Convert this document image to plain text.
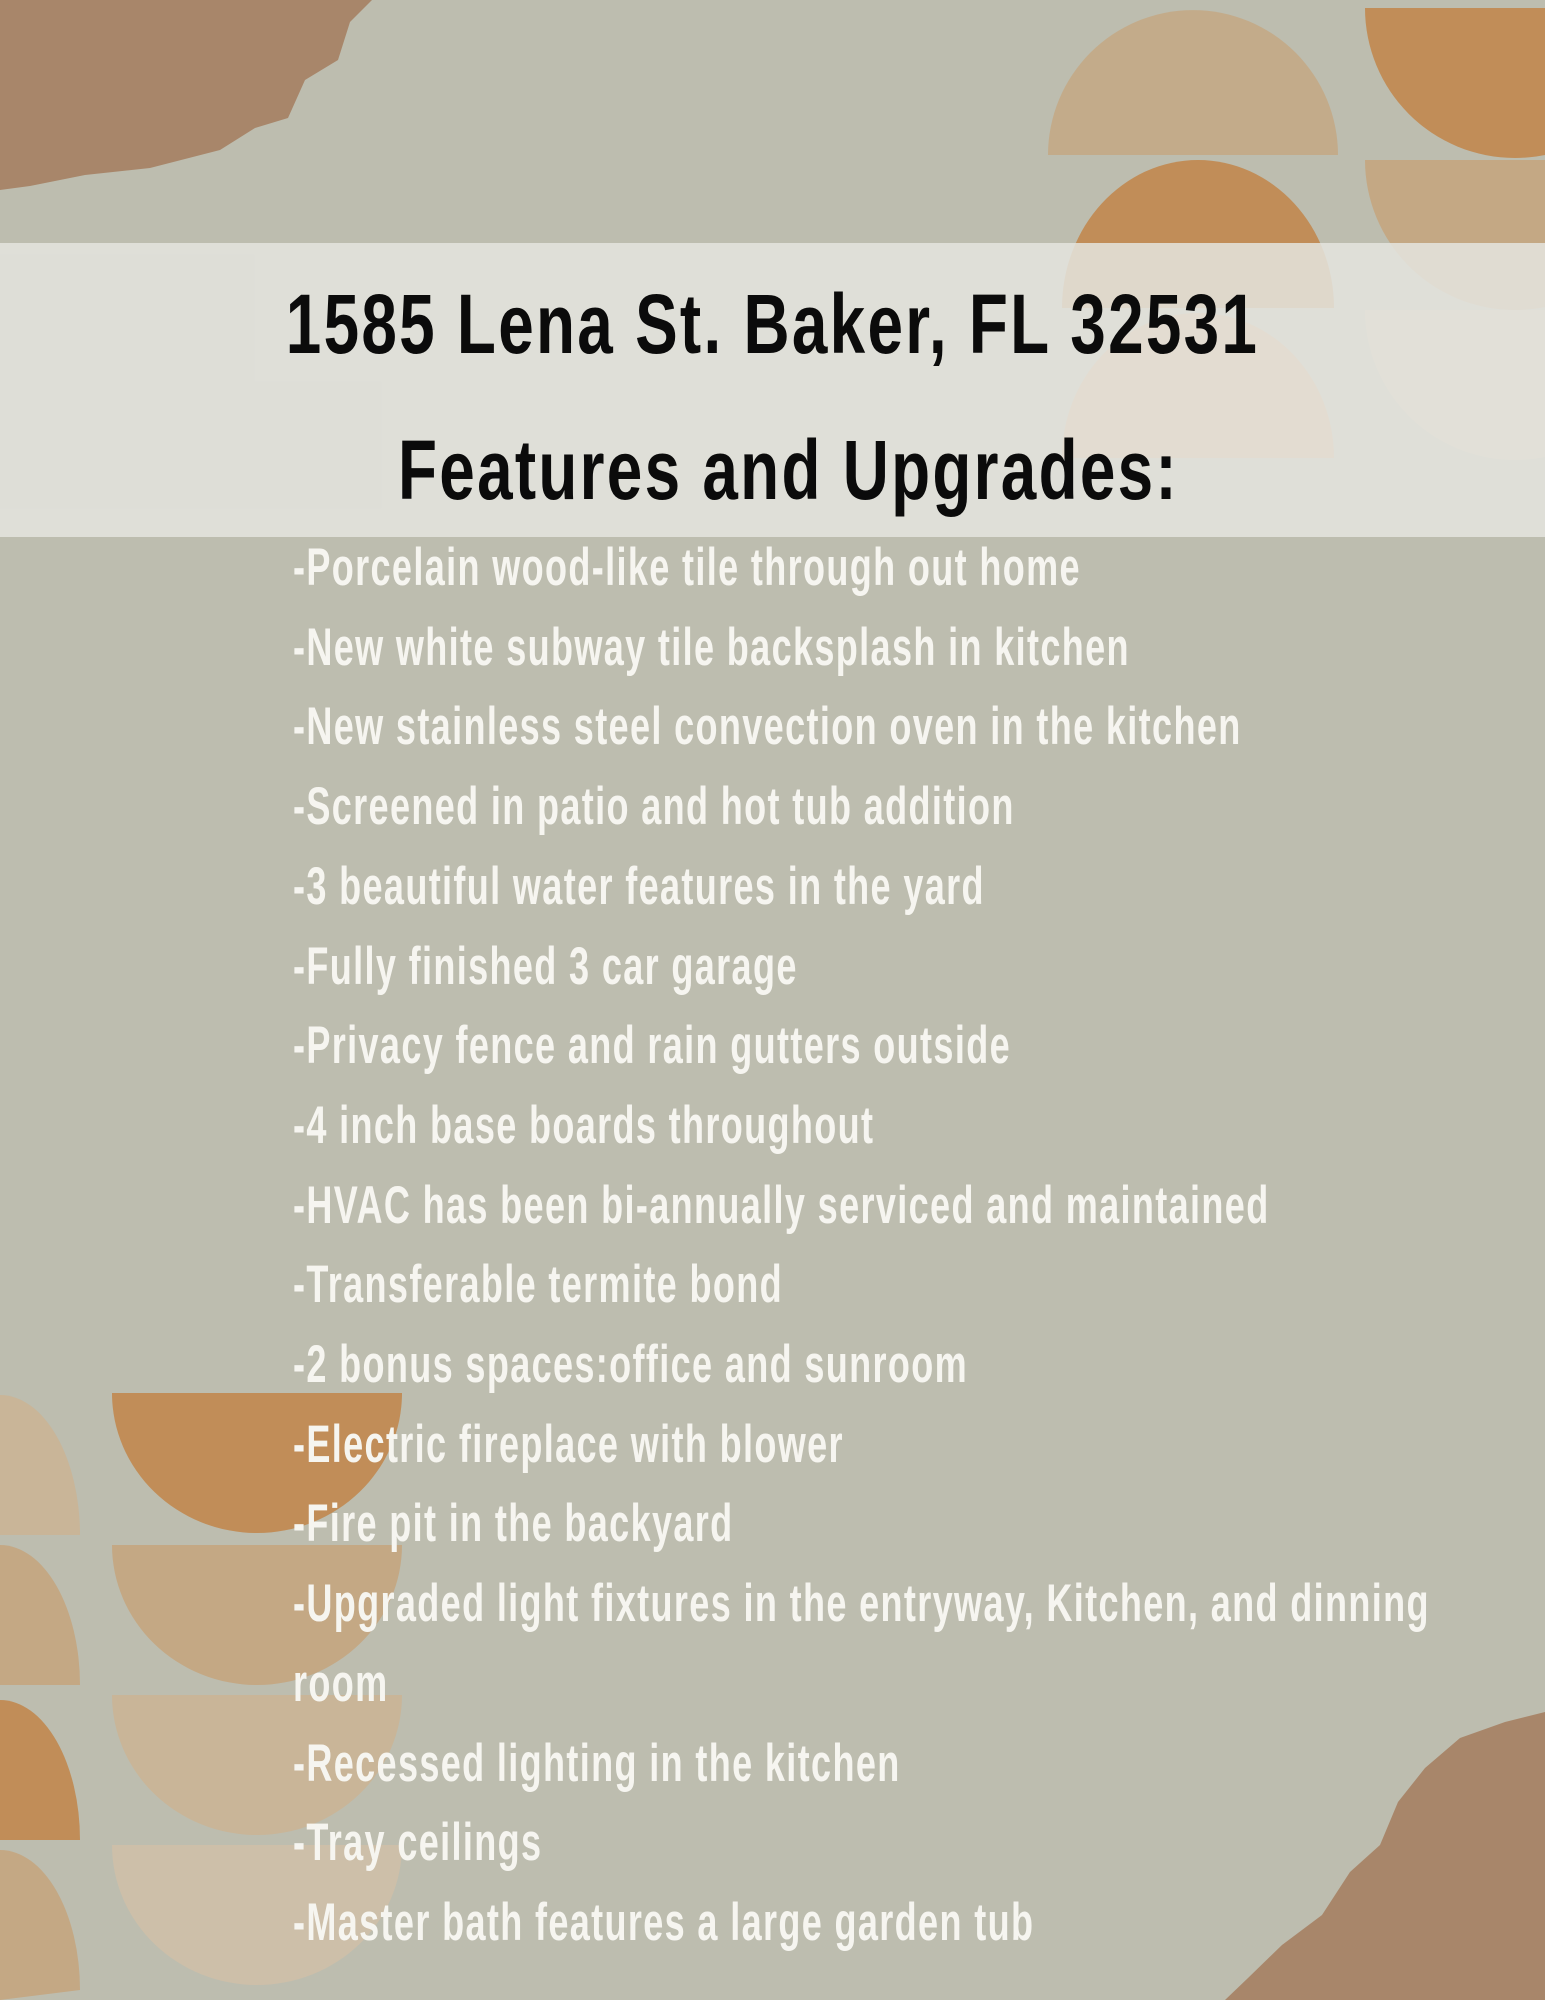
1585 Lena St. Baker, FL 32531
Features and Upgrades:
-Porcelain wood-like tile through out home
-New white subway tile backsplash in kitchen
-New stainless steel convection oven in the kitchen
-Screened in patio and hot tub addition
-3 beautiful water features in the yard
-Fully finished 3 car garage
-Privacy fence and rain gutters outside
-4 inch base boards throughout
-HVAC has been bi-annually serviced and maintained
-Transferable termite bond
-2 bonus spaces:office and sunroom
-Electric fireplace with blower
-Fire pit in the backyard
-Upgraded light fixtures in the entryway, Kitchen, and dinning
room
-Recessed lighting in the kitchen
-Tray ceilings
-Master bath features a large garden tub
